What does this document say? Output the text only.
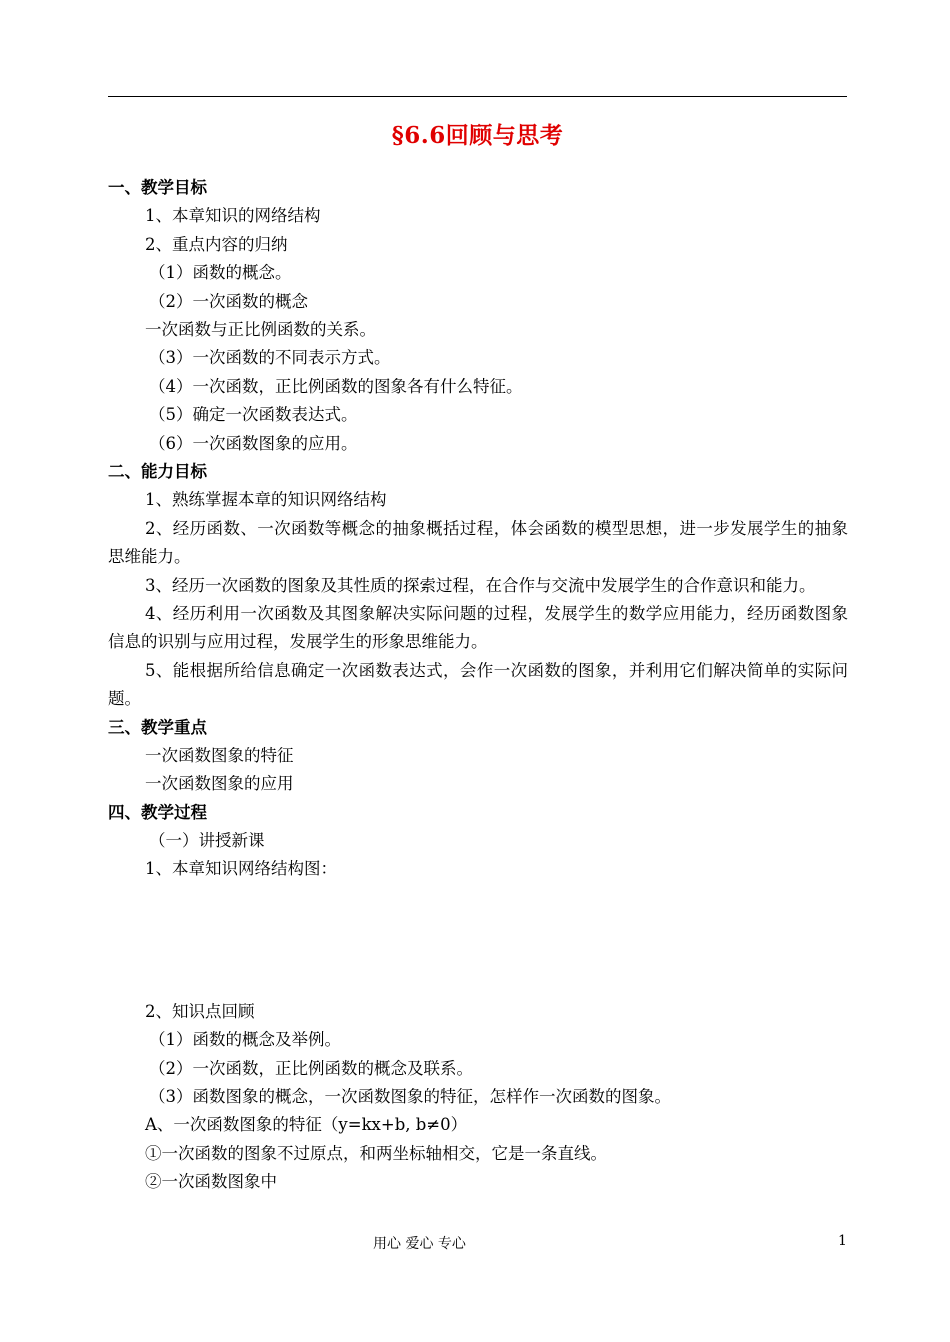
§6.6回顾与思考
一、教学目标
1、本章知识的网络结构
2、重点内容的归纳
（1）函数的概念。
（2）一次函数的概念
一次函数与正比例函数的关系。
（3）一次函数的不同表示方式。
（4）一次函数，正比例函数的图象各有什么特征。
（5）确定一次函数表达式。
（6）一次函数图象的应用。
二、能力目标
1、熟练掌握本章的知识网络结构
2、经历函数、一次函数等概念的抽象概括过程，体会函数的模型思想，进一步发展学生的抽象思维能力。
3、经历一次函数的图象及其性质的探索过程，在合作与交流中发展学生的合作意识和能力。
4、经历利用一次函数及其图象解决实际问题的过程，发展学生的数学应用能力，经历函数图象信息的识别与应用过程，发展学生的形象思维能力。
5、能根据所给信息确定一次函数表达式，会作一次函数的图象，并利用它们解决简单的实际问题。
三、教学重点
一次函数图象的特征
一次函数图象的应用
四、教学过程
（一）讲授新课
1、本章知识网络结构图：
2、知识点回顾
（1）函数的概念及举例。
（2）一次函数，正比例函数的概念及联系。
（3）函数图象的概念，一次函数图象的特征，怎样作一次函数的图象。
A、一次函数图象的特征（y=kx+b, b≠0）
①一次函数的图象不过原点，和两坐标轴相交，它是一条直线。
②一次函数图象中
用心 爱心 专心	1
